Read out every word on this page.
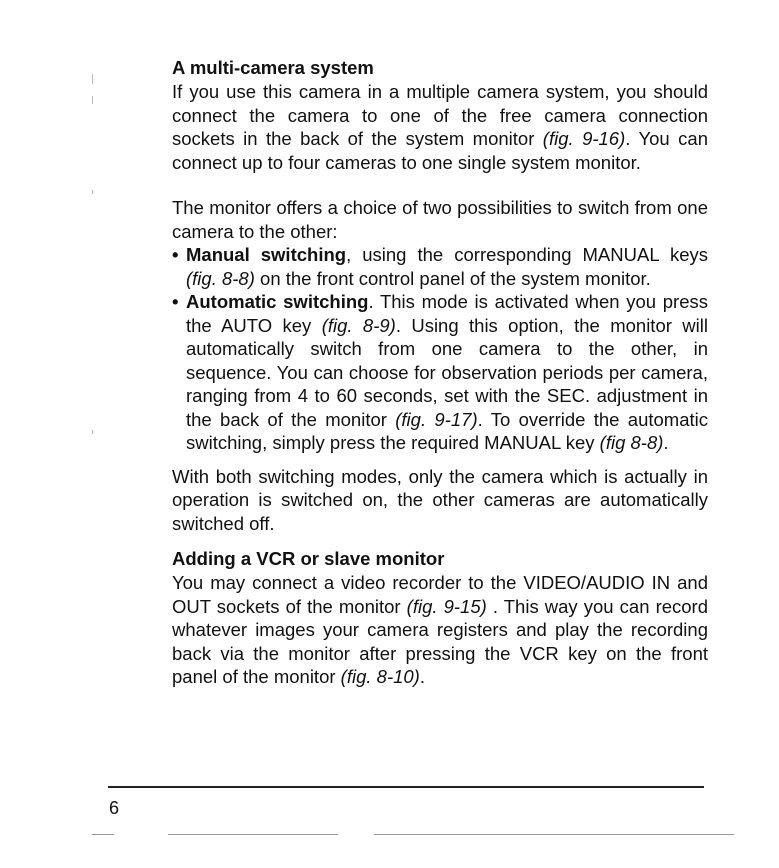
A multi-camera system

If you use this camera in a multiple camera system, you should connect the camera to one of the free camera connection sockets in the back of the system monitor (fig. 9-16). You can connect up to four cameras to one single system monitor.

The monitor offers a choice of two possibilities to switch from one camera to the other:

• Manual switching, using the corresponding MANUAL keys (fig. 8-8) on the front control panel of the system monitor.
• Automatic switching. This mode is activated when you press the AUTO key (fig. 8-9). Using this option, the monitor will automatically switch from one camera to the other, in sequence. You can choose for observation periods per camera, ranging from 4 to 60 seconds, set with the SEC. adjustment in the back of the monitor (fig. 9-17). To override the automatic switching, simply press the required MANUAL key (fig 8-8).

With both switching modes, only the camera which is actually in operation is switched on, the other cameras are automatically switched off.

Adding a VCR or slave monitor

You may connect a video recorder to the VIDEO/AUDIO IN and OUT sockets of the monitor (fig. 9-15) . This way you can record whatever images your camera registers and play the recording back via the monitor after pressing the VCR key on the front panel of the monitor (fig. 8-10).

6
